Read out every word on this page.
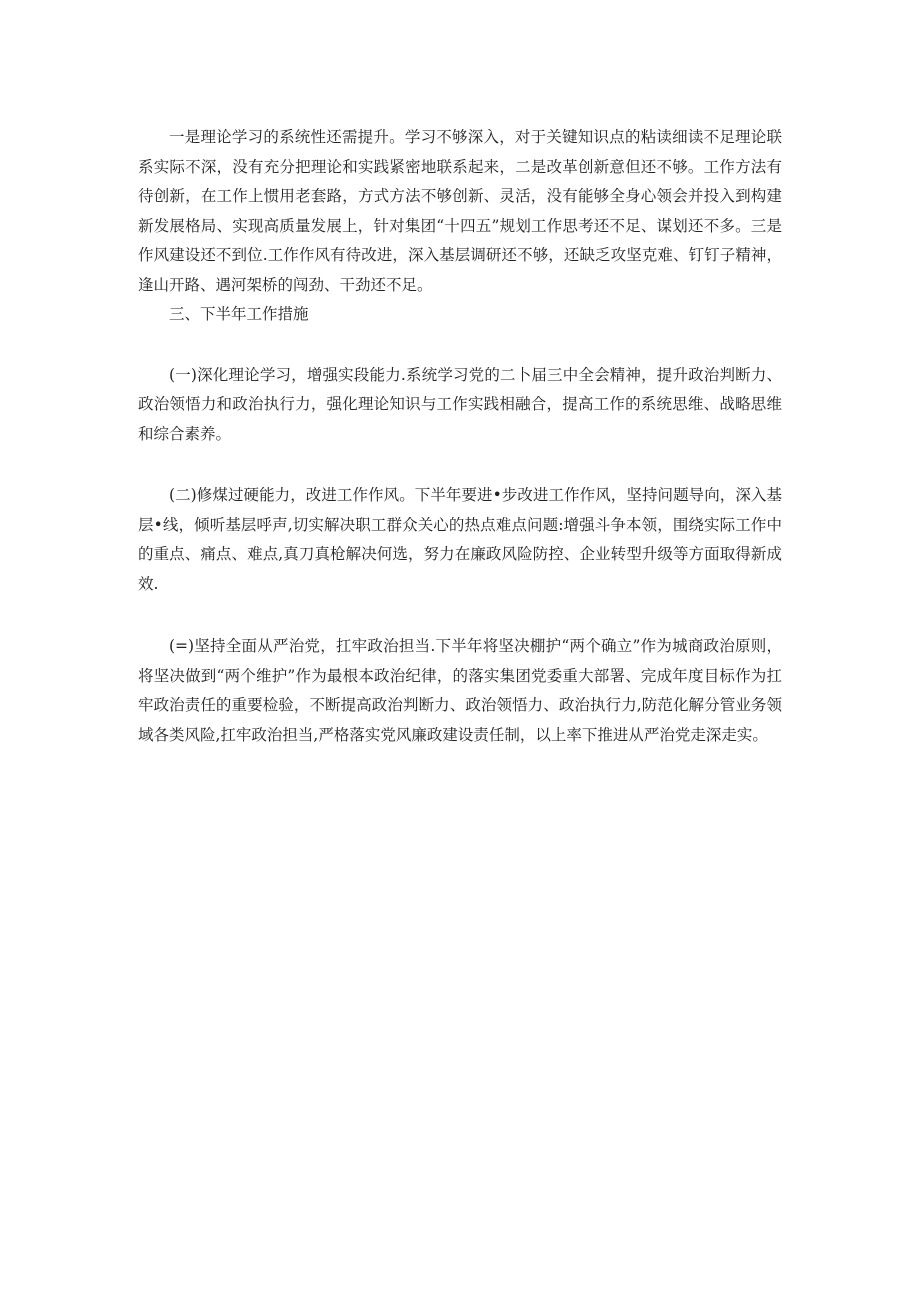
一是理论学习的系统性还需提升。学习不够深入，对于关键知识点的粘读细读不足理论联系实际不深，没有充分把理论和实践紧密地联系起来，二是改革创新意但还不够。工作方法有待创新，在工作上惯用老套路，方式方法不够创新、灵活，没有能够全身心领会并投入到构建新发展格局、实现高质量发展上，针对集团“十四五”规划工作思考还不足、谋划还不多。三是作风建设还不到位.工作作风有待改进，深入基层调研还不够，还缺乏攻坚克难、钉钉子精神，逢山开路、遇河架桥的闯劲、干劲还不足。

三、下半年工作措施

(一)深化理论学习，增强实段能力.系统学习党的二卜届三中全会精神，提升政治判断力、政治领悟力和政治执行力，强化理论知识与工作实践相融合，提高工作的系统思维、战略思维和综合素养。

(二)修煤过硬能力，改进工作作风。下半年要进•步改进工作作风，坚持问题导向，深入基层•线，倾听基层呼声,切实解决职工群众关心的热点难点问题:增强斗争本领，围绕实际工作中的重点、痛点、难点,真刀真枪解决何选，努力在廉政风险防控、企业转型升级等方面取得新成效.

(=)坚持全面从严治党，扛牢政治担当.下半年将坚决棚护“两个确立”作为城商政治原则，将坚决做到“两个维护”作为最根本政治纪律，的落实集团党委重大部署、完成年度目标作为扛牢政治责任的重要检验，不断提高政治判断力、政治领悟力、政治执行力,防范化解分管业务领域各类风险,扛牢政治担当,严格落实党风廉政建设责任制，以上率下推进从严治党走深走实。
